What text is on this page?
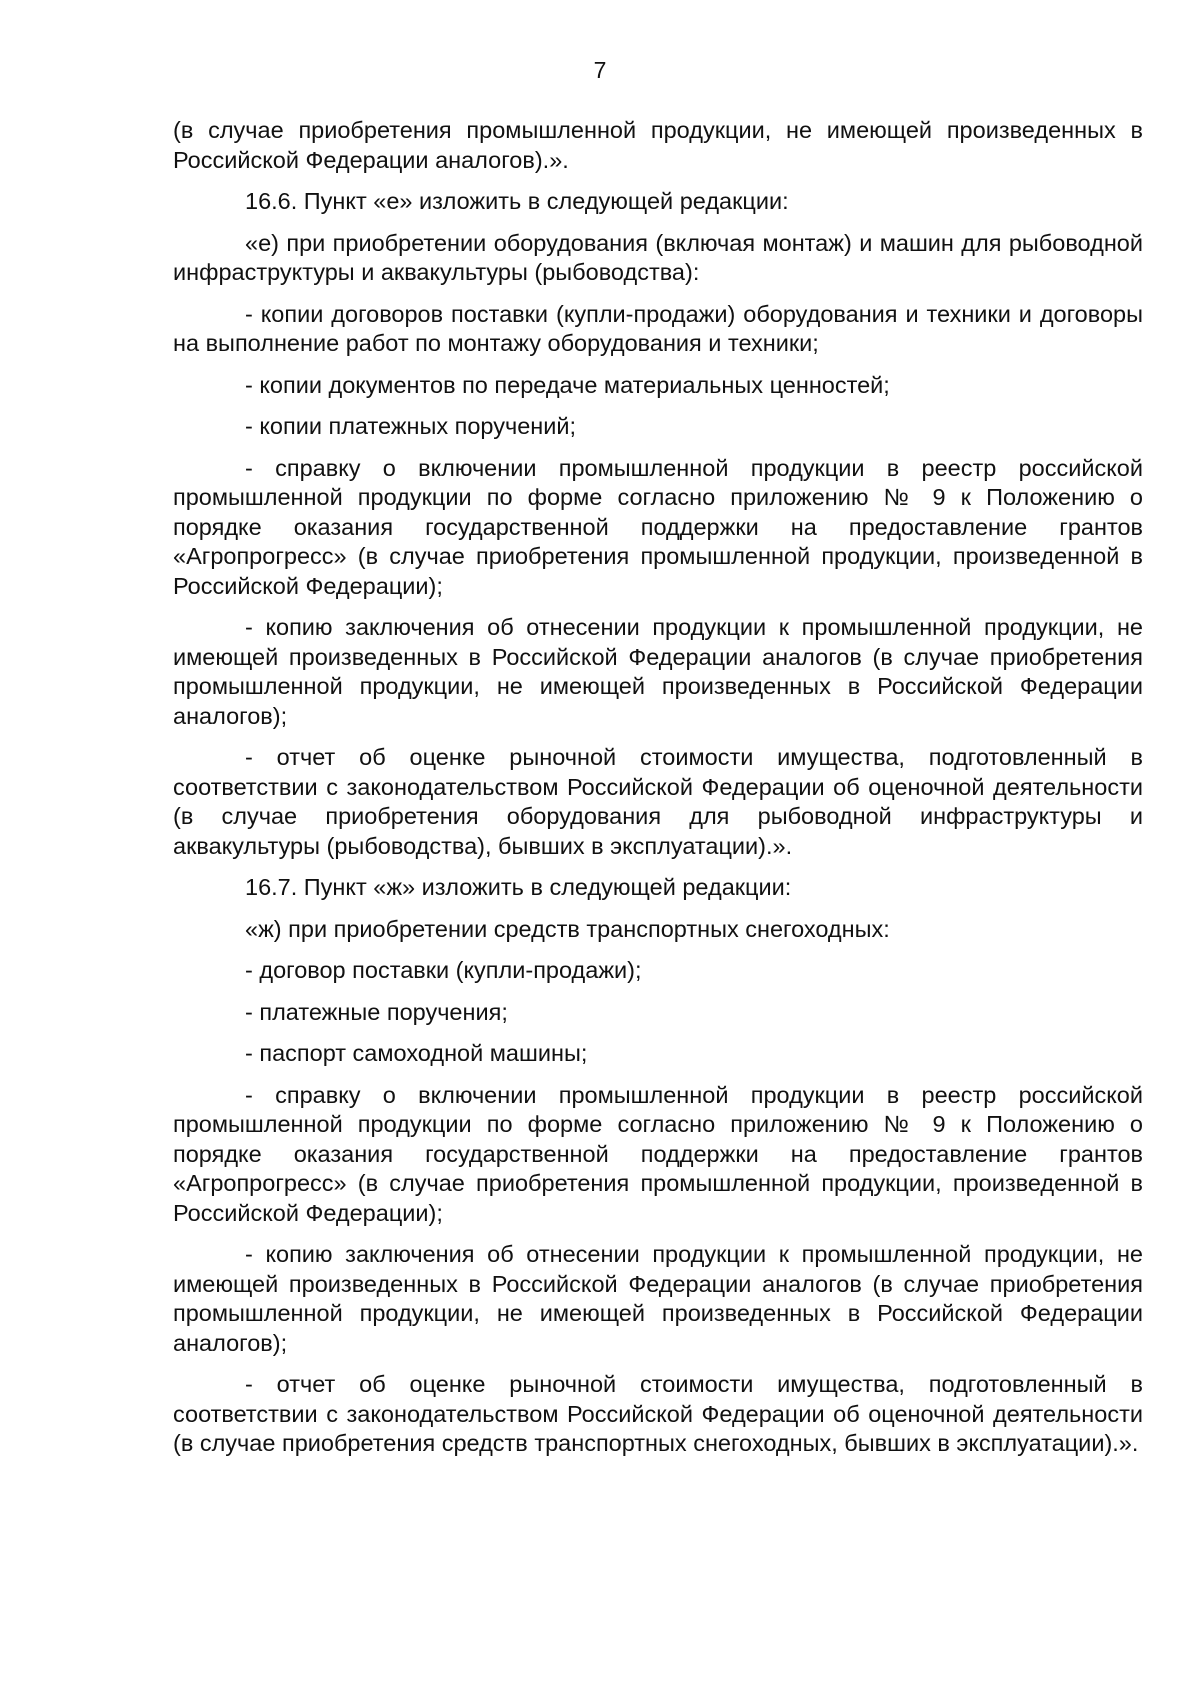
7

(в случае приобретения промышленной продукции, не имеющей произведенных в Российской Федерации аналогов).».

16.6. Пункт «е» изложить в следующей редакции:

«е) при приобретении оборудования (включая монтаж) и машин для рыбоводной инфраструктуры и аквакультуры (рыбоводства):

- копии договоров поставки (купли-продажи) оборудования и техники и договоры на выполнение работ по монтажу оборудования и техники;

- копии документов по передаче материальных ценностей;

- копии платежных поручений;

- справку о включении промышленной продукции в реестр российской промышленной продукции по форме согласно приложению № 9 к Положению о порядке оказания государственной поддержки на предоставление грантов «Агропрогресс» (в случае приобретения промышленной продукции, произведенной в Российской Федерации);

- копию заключения об отнесении продукции к промышленной продукции, не имеющей произведенных в Российской Федерации аналогов (в случае приобретения промышленной продукции, не имеющей произведенных в Российской Федерации аналогов);

- отчет об оценке рыночной стоимости имущества, подготовленный в соответствии с законодательством Российской Федерации об оценочной деятельности (в случае приобретения оборудования для рыбоводной инфраструктуры и аквакультуры (рыбоводства), бывших в эксплуатации).».

16.7. Пункт «ж» изложить в следующей редакции:

«ж) при приобретении средств транспортных снегоходных:

- договор поставки (купли-продажи);

- платежные поручения;

- паспорт самоходной машины;

- справку о включении промышленной продукции в реестр российской промышленной продукции по форме согласно приложению № 9 к Положению о порядке оказания государственной поддержки на предоставление грантов «Агропрогресс» (в случае приобретения промышленной продукции, произведенной в Российской Федерации);

- копию заключения об отнесении продукции к промышленной продукции, не имеющей произведенных в Российской Федерации аналогов (в случае приобретения промышленной продукции, не имеющей произведенных в Российской Федерации аналогов);

- отчет об оценке рыночной стоимости имущества, подготовленный в соответствии с законодательством Российской Федерации об оценочной деятельности (в случае приобретения средств транспортных снегоходных, бывших в эксплуатации).».
